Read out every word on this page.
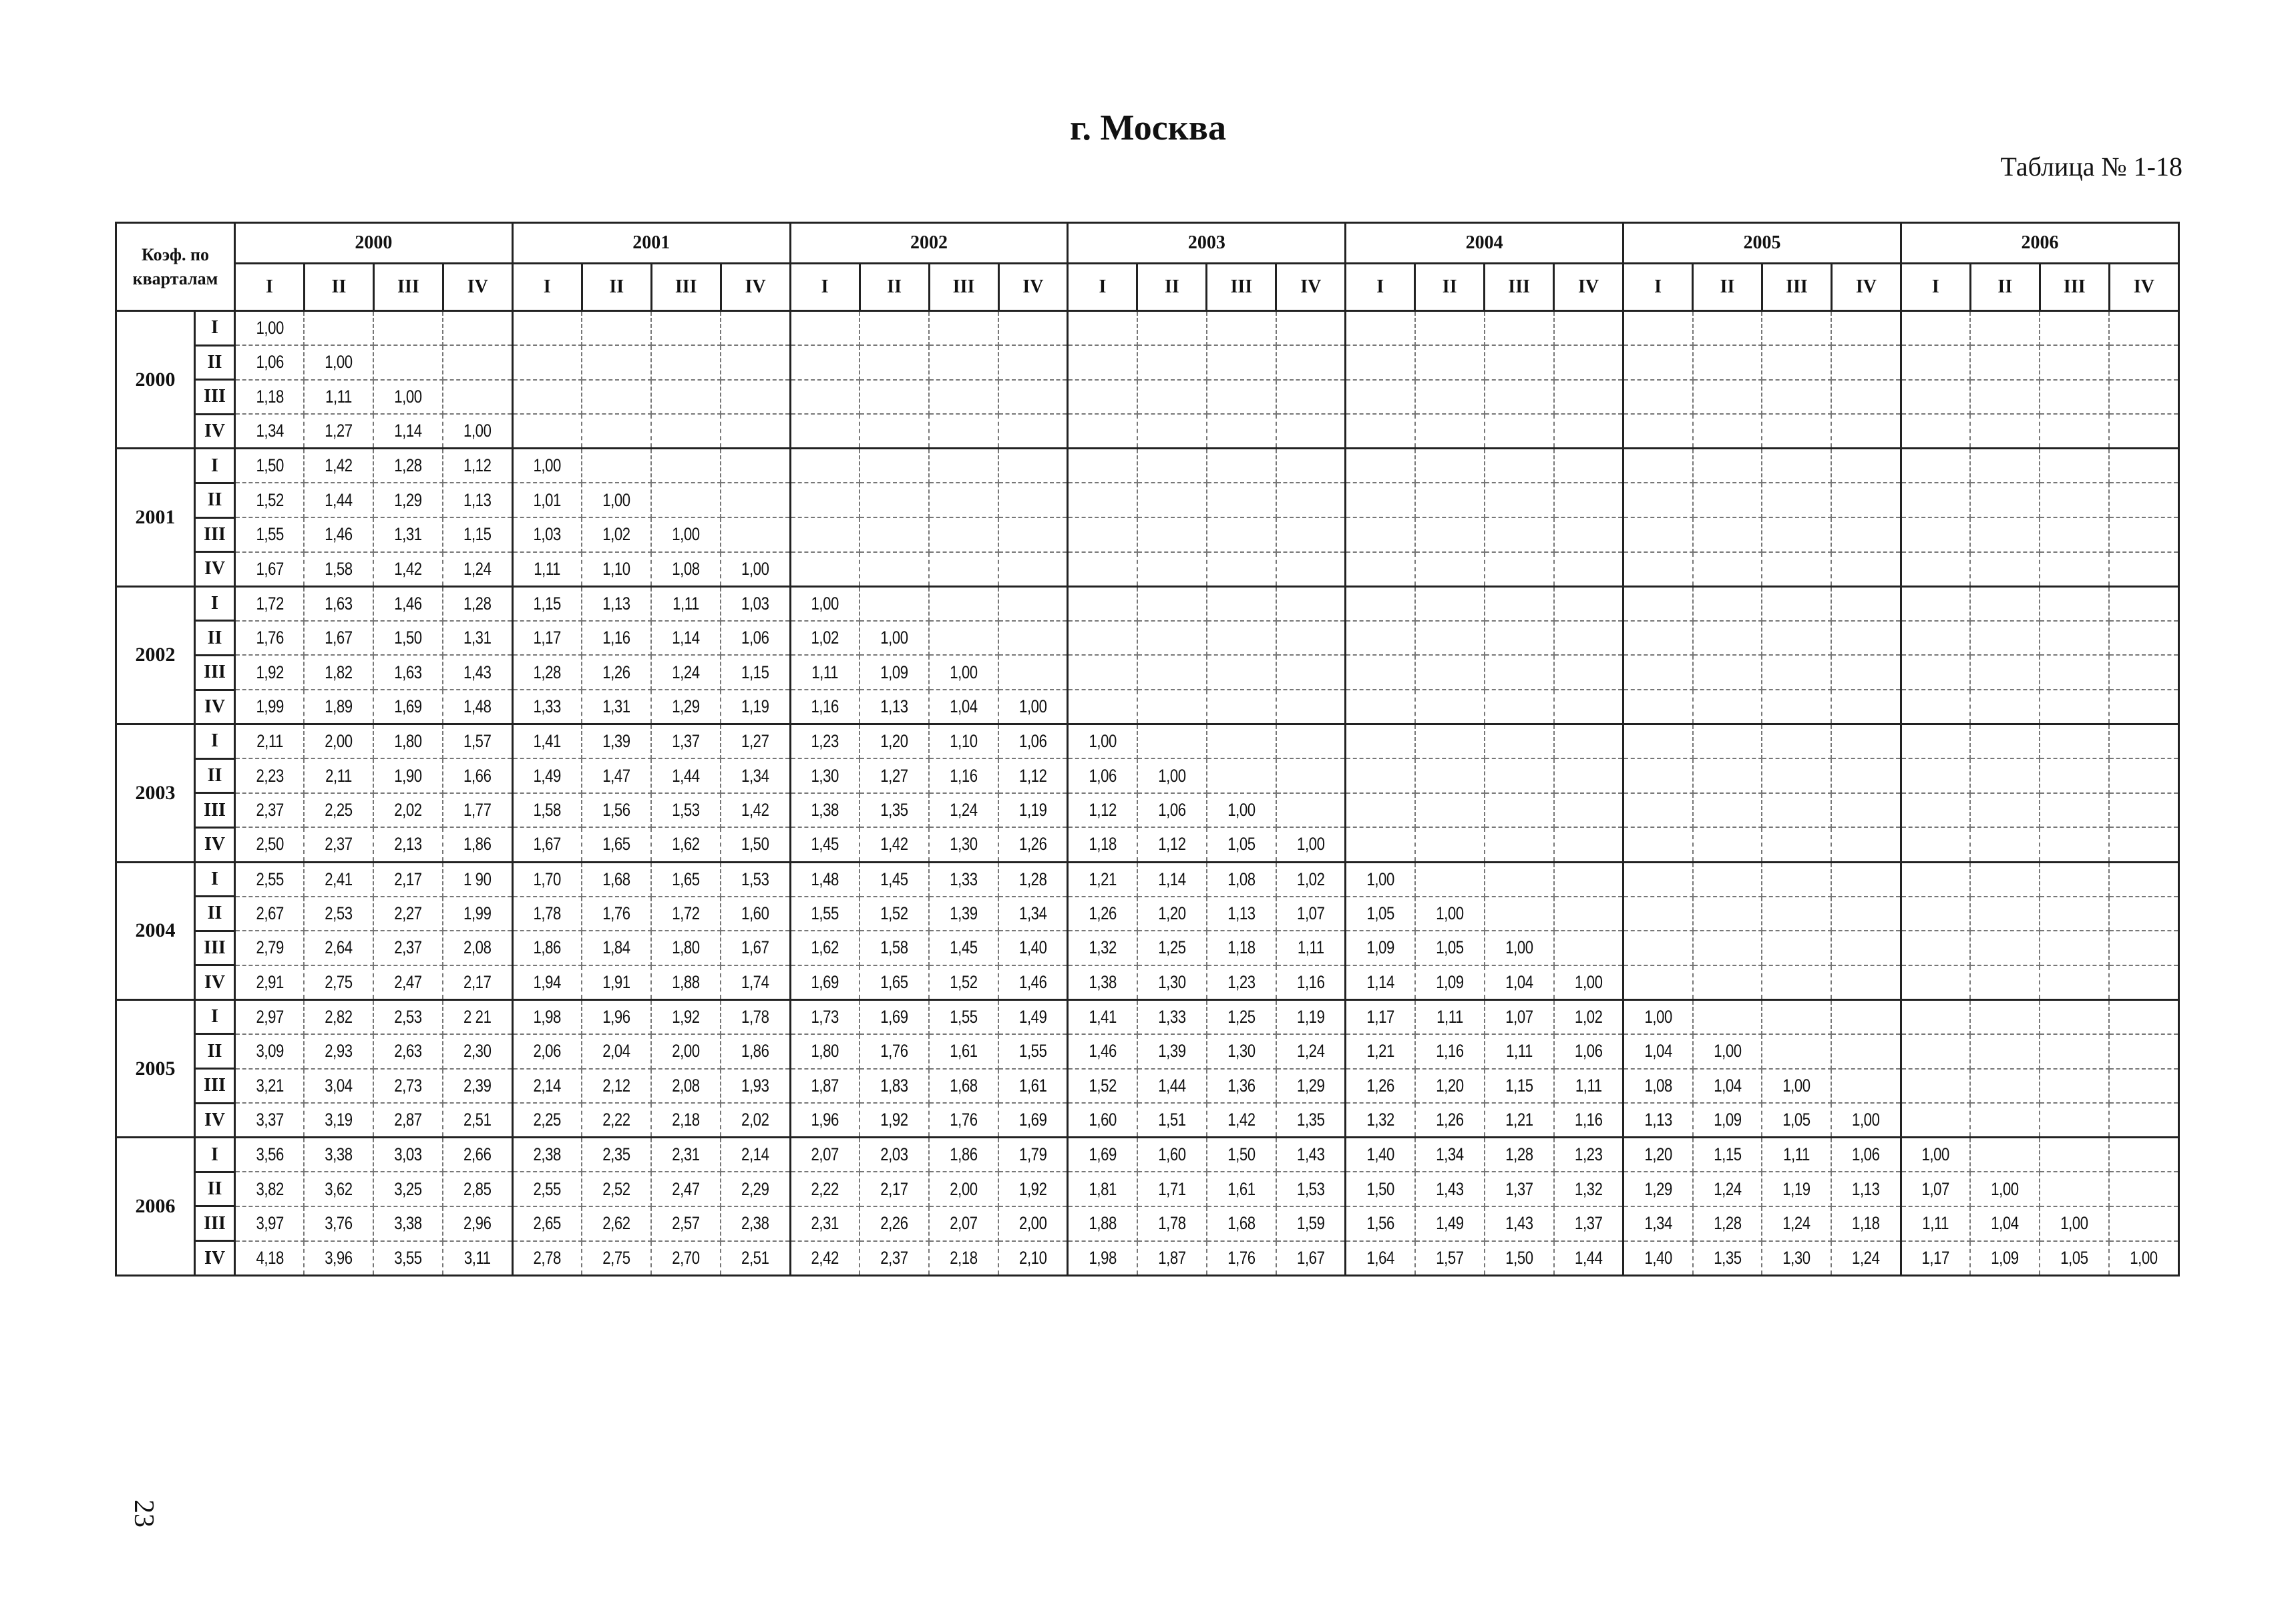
г. Москва
Таблица № 1-18
23
Коэф. по
кварталам		2000				2001				2002				2003				2004				2005				2006			
		I	II	III	IV	I	II	III	IV	I	II	III	IV	I	II	III	IV	I	II	III	IV	I	II	III	IV	I	II	III	IV
2000	I	1,00																											
	II	1,06	1,00																										
	III	1,18	1,11	1,00																									
	IV	1,34	1,27	1,14	1,00																								
2001	I	1,50	1,42	1,28	1,12	1,00																							
	II	1,52	1,44	1,29	1,13	1,01	1,00																						
	III	1,55	1,46	1,31	1,15	1,03	1,02	1,00																					
	IV	1,67	1,58	1,42	1,24	1,11	1,10	1,08	1,00																				
2002	I	1,72	1,63	1,46	1,28	1,15	1,13	1,11	1,03	1,00																			
	II	1,76	1,67	1,50	1,31	1,17	1,16	1,14	1,06	1,02	1,00																		
	III	1,92	1,82	1,63	1,43	1,28	1,26	1,24	1,15	1,11	1,09	1,00																	
	IV	1,99	1,89	1,69	1,48	1,33	1,31	1,29	1,19	1,16	1,13	1,04	1,00																
2003	I	2,11	2,00	1,80	1,57	1,41	1,39	1,37	1,27	1,23	1,20	1,10	1,06	1,00															
	II	2,23	2,11	1,90	1,66	1,49	1,47	1,44	1,34	1,30	1,27	1,16	1,12	1,06	1,00														
	III	2,37	2,25	2,02	1,77	1,58	1,56	1,53	1,42	1,38	1,35	1,24	1,19	1,12	1,06	1,00													
	IV	2,50	2,37	2,13	1,86	1,67	1,65	1,62	1,50	1,45	1,42	1,30	1,26	1,18	1,12	1,05	1,00												
2004	I	2,55	2,41	2,17	1 90	1,70	1,68	1,65	1,53	1,48	1,45	1,33	1,28	1,21	1,14	1,08	1,02	1,00											
	II	2,67	2,53	2,27	1,99	1,78	1,76	1,72	1,60	1,55	1,52	1,39	1,34	1,26	1,20	1,13	1,07	1,05	1,00										
	III	2,79	2,64	2,37	2,08	1,86	1,84	1,80	1,67	1,62	1,58	1,45	1,40	1,32	1,25	1,18	1,11	1,09	1,05	1,00									
	IV	2,91	2,75	2,47	2,17	1,94	1,91	1,88	1,74	1,69	1,65	1,52	1,46	1,38	1,30	1,23	1,16	1,14	1,09	1,04	1,00								
2005	I	2,97	2,82	2,53	2 21	1,98	1,96	1,92	1,78	1,73	1,69	1,55	1,49	1,41	1,33	1,25	1,19	1,17	1,11	1,07	1,02	1,00							
	II	3,09	2,93	2,63	2,30	2,06	2,04	2,00	1,86	1,80	1,76	1,61	1,55	1,46	1,39	1,30	1,24	1,21	1,16	1,11	1,06	1,04	1,00						
	III	3,21	3,04	2,73	2,39	2,14	2,12	2,08	1,93	1,87	1,83	1,68	1,61	1,52	1,44	1,36	1,29	1,26	1,20	1,15	1,11	1,08	1,04	1,00					
	IV	3,37	3,19	2,87	2,51	2,25	2,22	2,18	2,02	1,96	1,92	1,76	1,69	1,60	1,51	1,42	1,35	1,32	1,26	1,21	1,16	1,13	1,09	1,05	1,00				
2006	I	3,56	3,38	3,03	2,66	2,38	2,35	2,31	2,14	2,07	2,03	1,86	1,79	1,69	1,60	1,50	1,43	1,40	1,34	1,28	1,23	1,20	1,15	1,11	1,06	1,00			
	II	3,82	3,62	3,25	2,85	2,55	2,52	2,47	2,29	2,22	2,17	2,00	1,92	1,81	1,71	1,61	1,53	1,50	1,43	1,37	1,32	1,29	1,24	1,19	1,13	1,07	1,00		
	III	3,97	3,76	3,38	2,96	2,65	2,62	2,57	2,38	2,31	2,26	2,07	2,00	1,88	1,78	1,68	1,59	1,56	1,49	1,43	1,37	1,34	1,28	1,24	1,18	1,11	1,04	1,00	
	IV	4,18	3,96	3,55	3,11	2,78	2,75	2,70	2,51	2,42	2,37	2,18	2,10	1,98	1,87	1,76	1,67	1,64	1,57	1,50	1,44	1,40	1,35	1,30	1,24	1,17	1,09	1,05	1,00
